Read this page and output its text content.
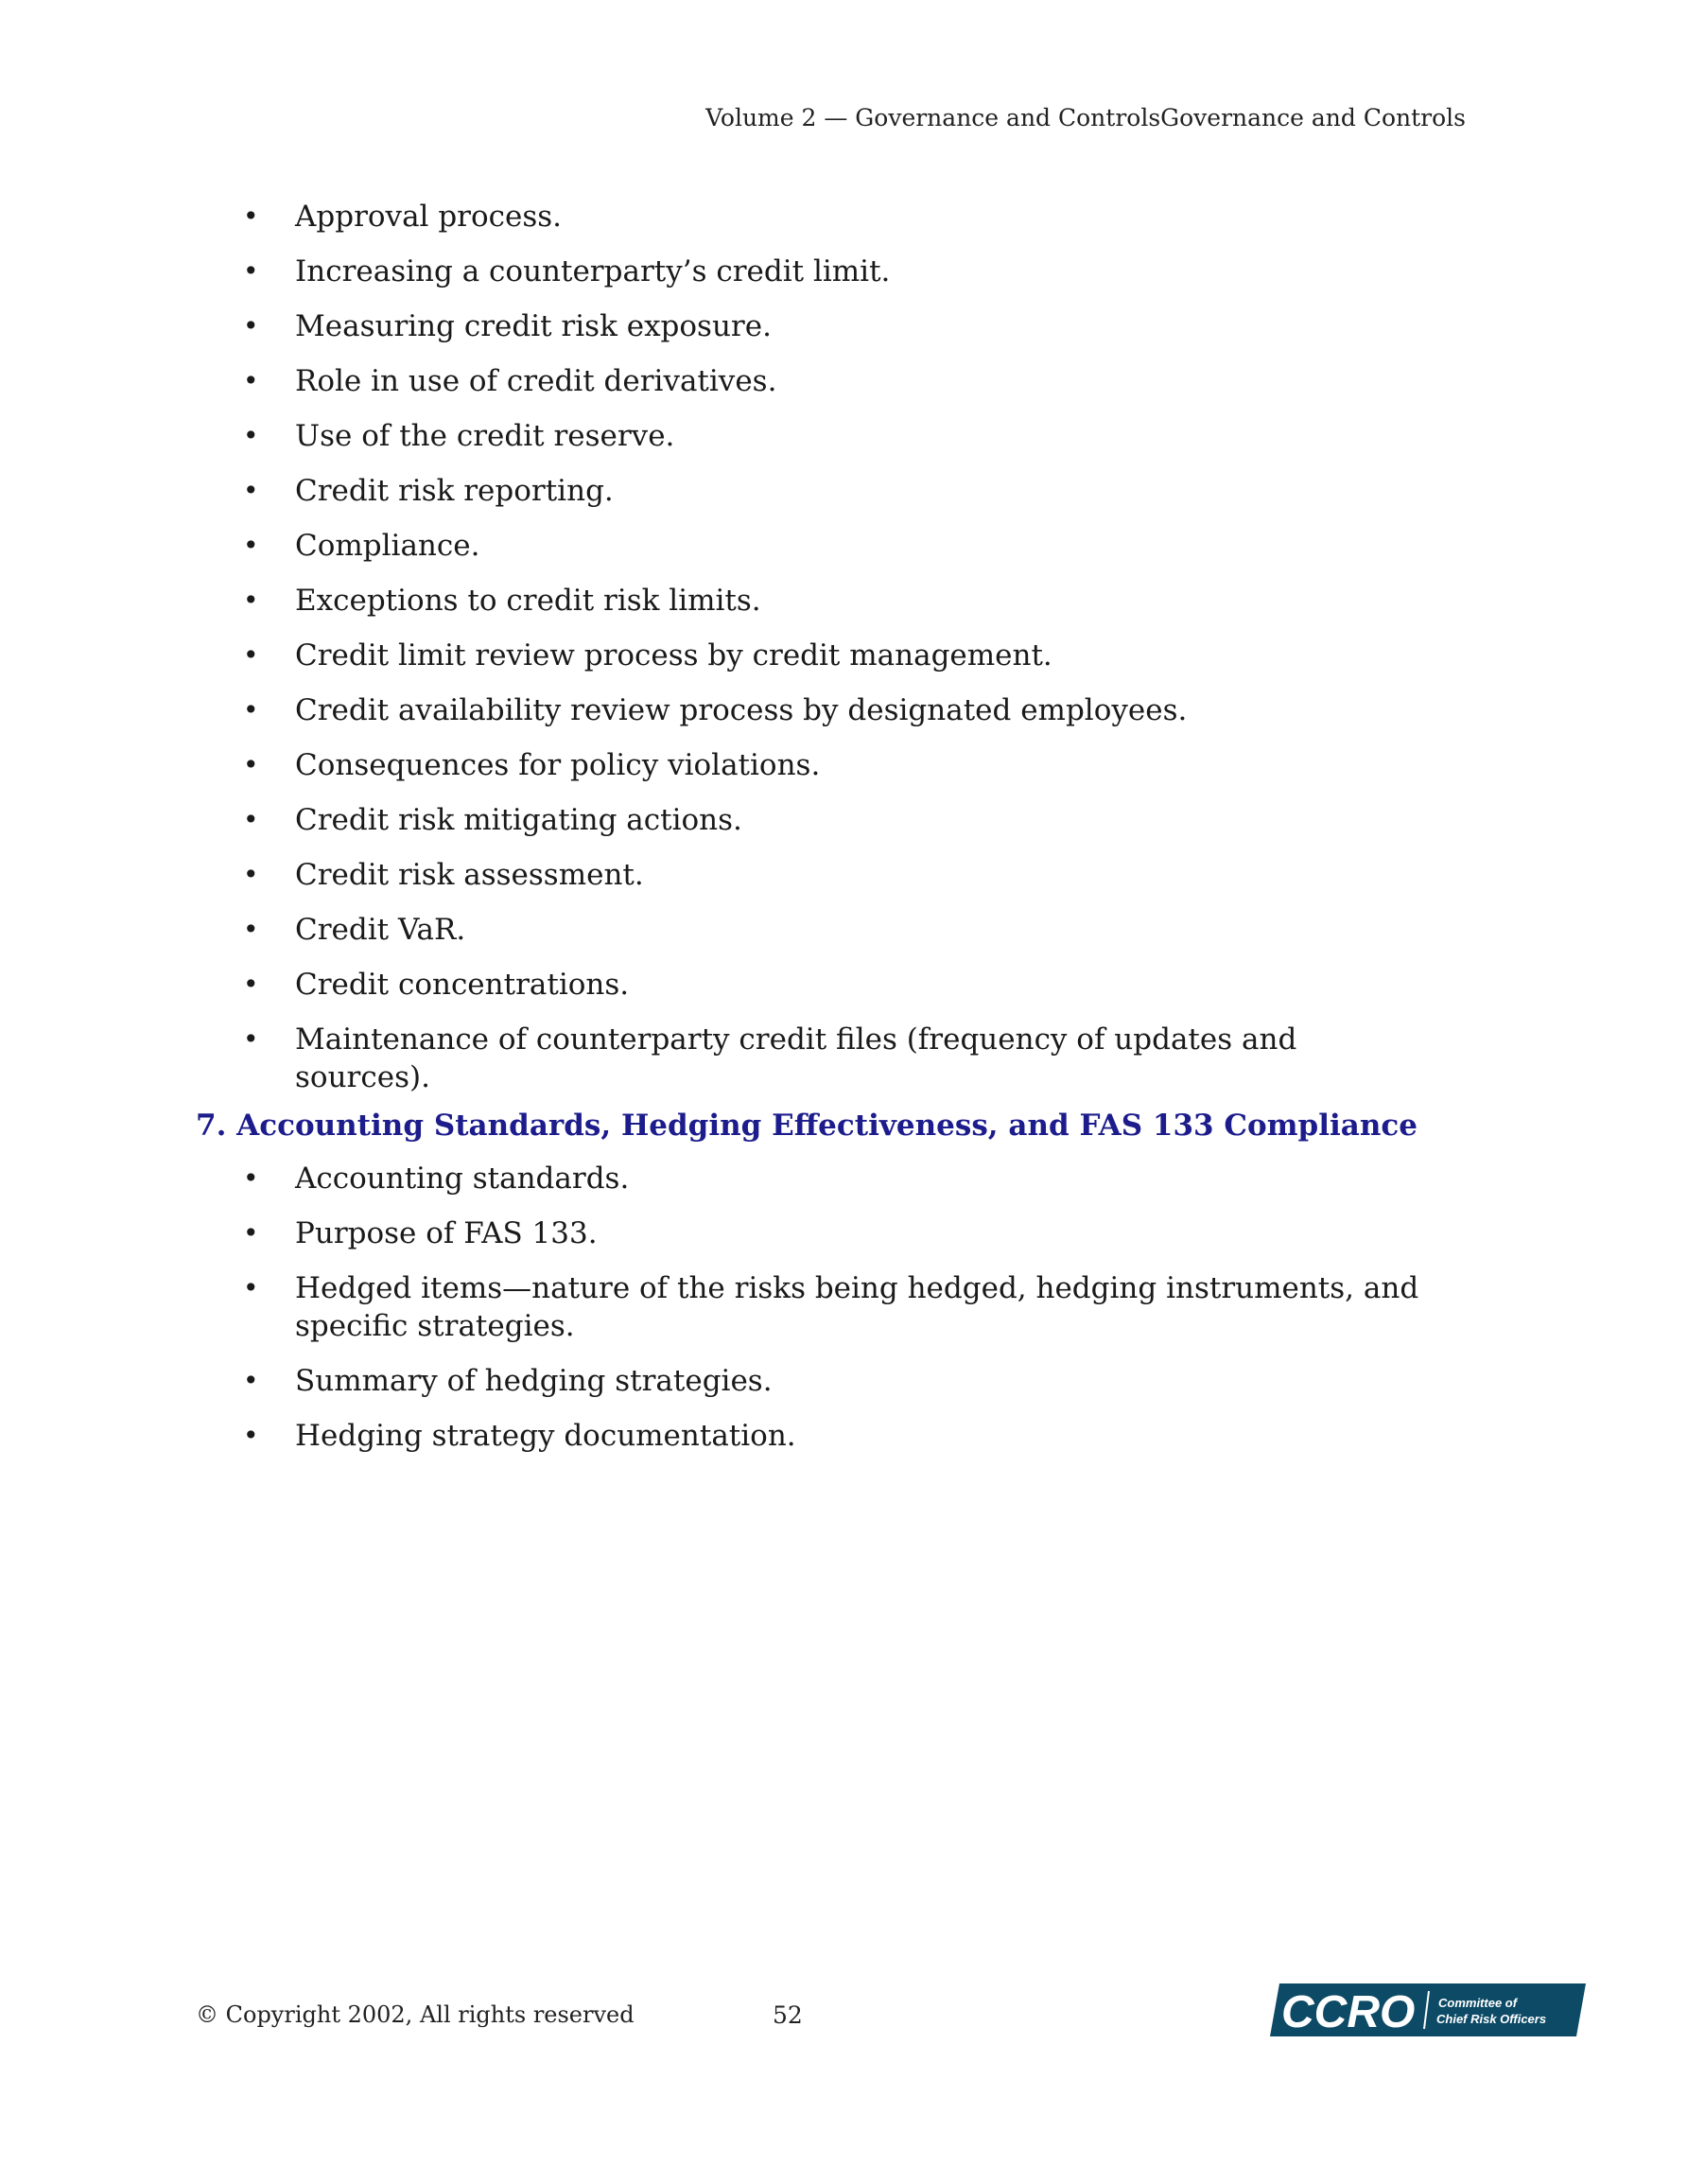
Volume 2 — Governance and ControlsGovernance and Controls
• Approval process.
• Increasing a counterparty’s credit limit.
• Measuring credit risk exposure.
• Role in use of credit derivatives.
• Use of the credit reserve.
• Credit risk reporting.
• Compliance.
• Exceptions to credit risk limits.
• Credit limit review process by credit management.
• Credit availability review process by designated employees.
• Consequences for policy violations.
• Credit risk mitigating actions.
• Credit risk assessment.
• Credit VaR.
• Credit concentrations.
• Maintenance of counterparty credit files (frequency of updates and sources).
7. Accounting Standards, Hedging Effectiveness, and FAS 133 Compliance
• Accounting standards.
• Purpose of FAS 133.
• Hedged items—nature of the risks being hedged, hedging instruments, and specific strategies.
• Summary of hedging strategies.
• Hedging strategy documentation.
© Copyright 2002, All rights reserved	52	CCRO Committee of
Chief Risk Officers
